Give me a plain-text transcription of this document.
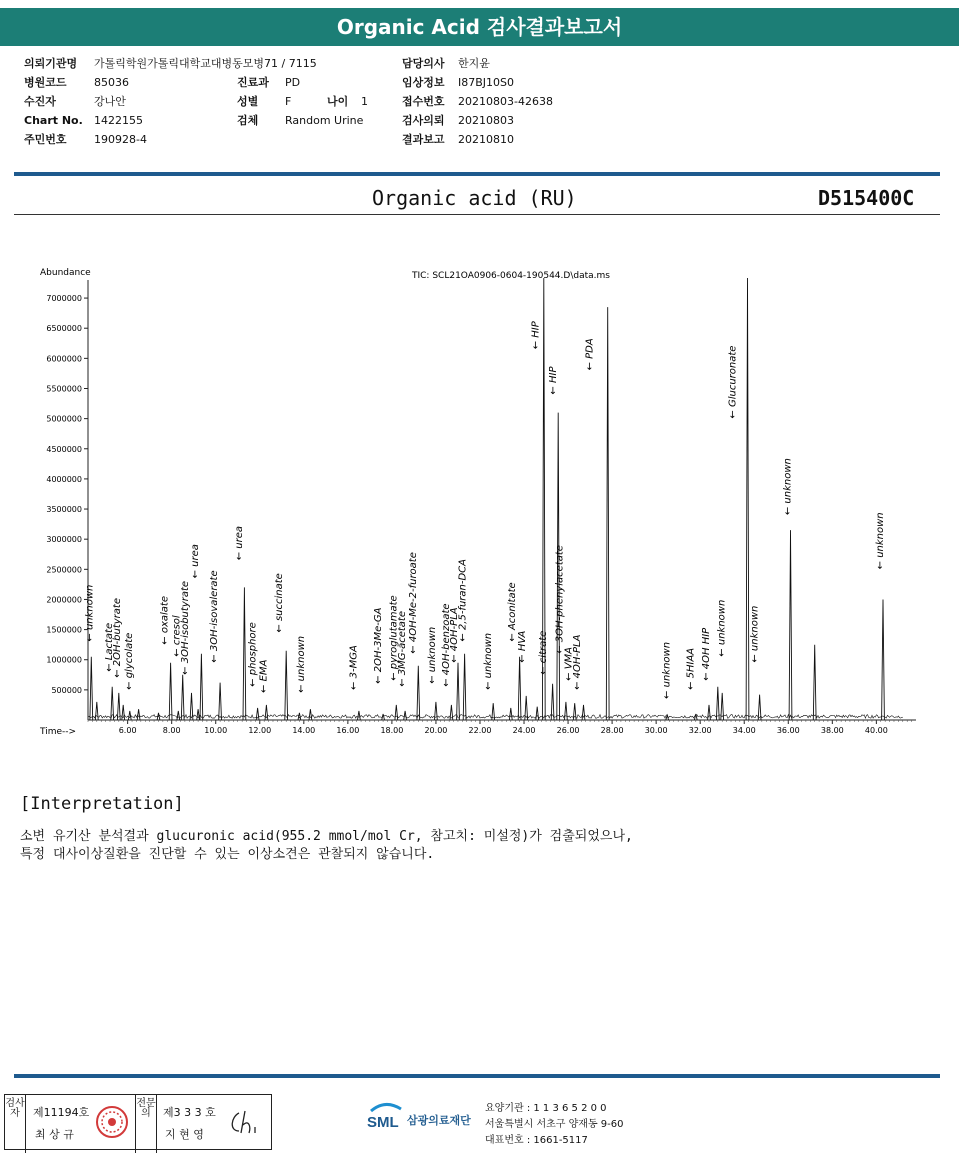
Organic Acid 검사결과보고서
의뢰기관명 가톨릭학원가톨릭대학교대병동모병71 / 7115
병원코드 85036
수진자	강나안
Chart No. 1422155
주민번호 190928-4
진료과 PD
성별 F	나이 1
검체 Random Urine
담당의사 한지윤
임상정보 I87BJ10S0
접수번호 20210803-42638
검사의뢰 20210803
결과보고 20210810
Organic acid (RU)	D515400C
Abundance	TIC: SCL21OA0906-0604-190544.D\data.ms
Time-->
500000
1000000
1500000
2000000
2500000
3000000
3500000
4000000
4500000
5000000
5500000
6000000
6500000
7000000
6.00	8.00	10.00	12.00	14.00	16.00	18.00	20.00	22.00	24.00	26.00	28.00	30.00	32.00	34.00	36.00	38.00	40.00
← unknown
← Lactate
← 2OH-butyrate ← glycolate
← oxalate ← cresol
← 3OH-isobutyrate
← urea
← 3OH-isovalerate
← urea
← phosphore ← EMA
← succinate
← unknown	← 3-MGA ← 2OH-3Me-GA ← pyroglutamate
← 3MG-acetate ← 4OH-Me-2-furoate
← unknown ← 4OH-benzoate
← 4OH-PLA
← 2,5-furan-DCA
← unknown
← Aconitate
← HVA
← HIP
← HIP
← citrate ← 3OH-phenylacetate
← VMA
← 4OH-PLA
← PDA
← unknown ← 5HIAA ← 4OH HIP ← unknown
← Glucuronate
← unknown
← unknown
← unknown
[Interpretation]
소변 유기산 분석결과 glucuronic acid(955.2 mmol/mol Cr, 참고치: 미설정)가 검출되었으나,
특정 대사이상질환을 진단할 수 있는 이상소견은 관찰되지 않습니다.
검사자	제11194호
최 상 규
전문의	제3 3 3 호
지 현 영
SML 삼광의료재단
요양기관 : 1 1 3 6 5 2 0 0
서울특별시 서초구 양재동 9-60
대표번호 : 1661-5117
